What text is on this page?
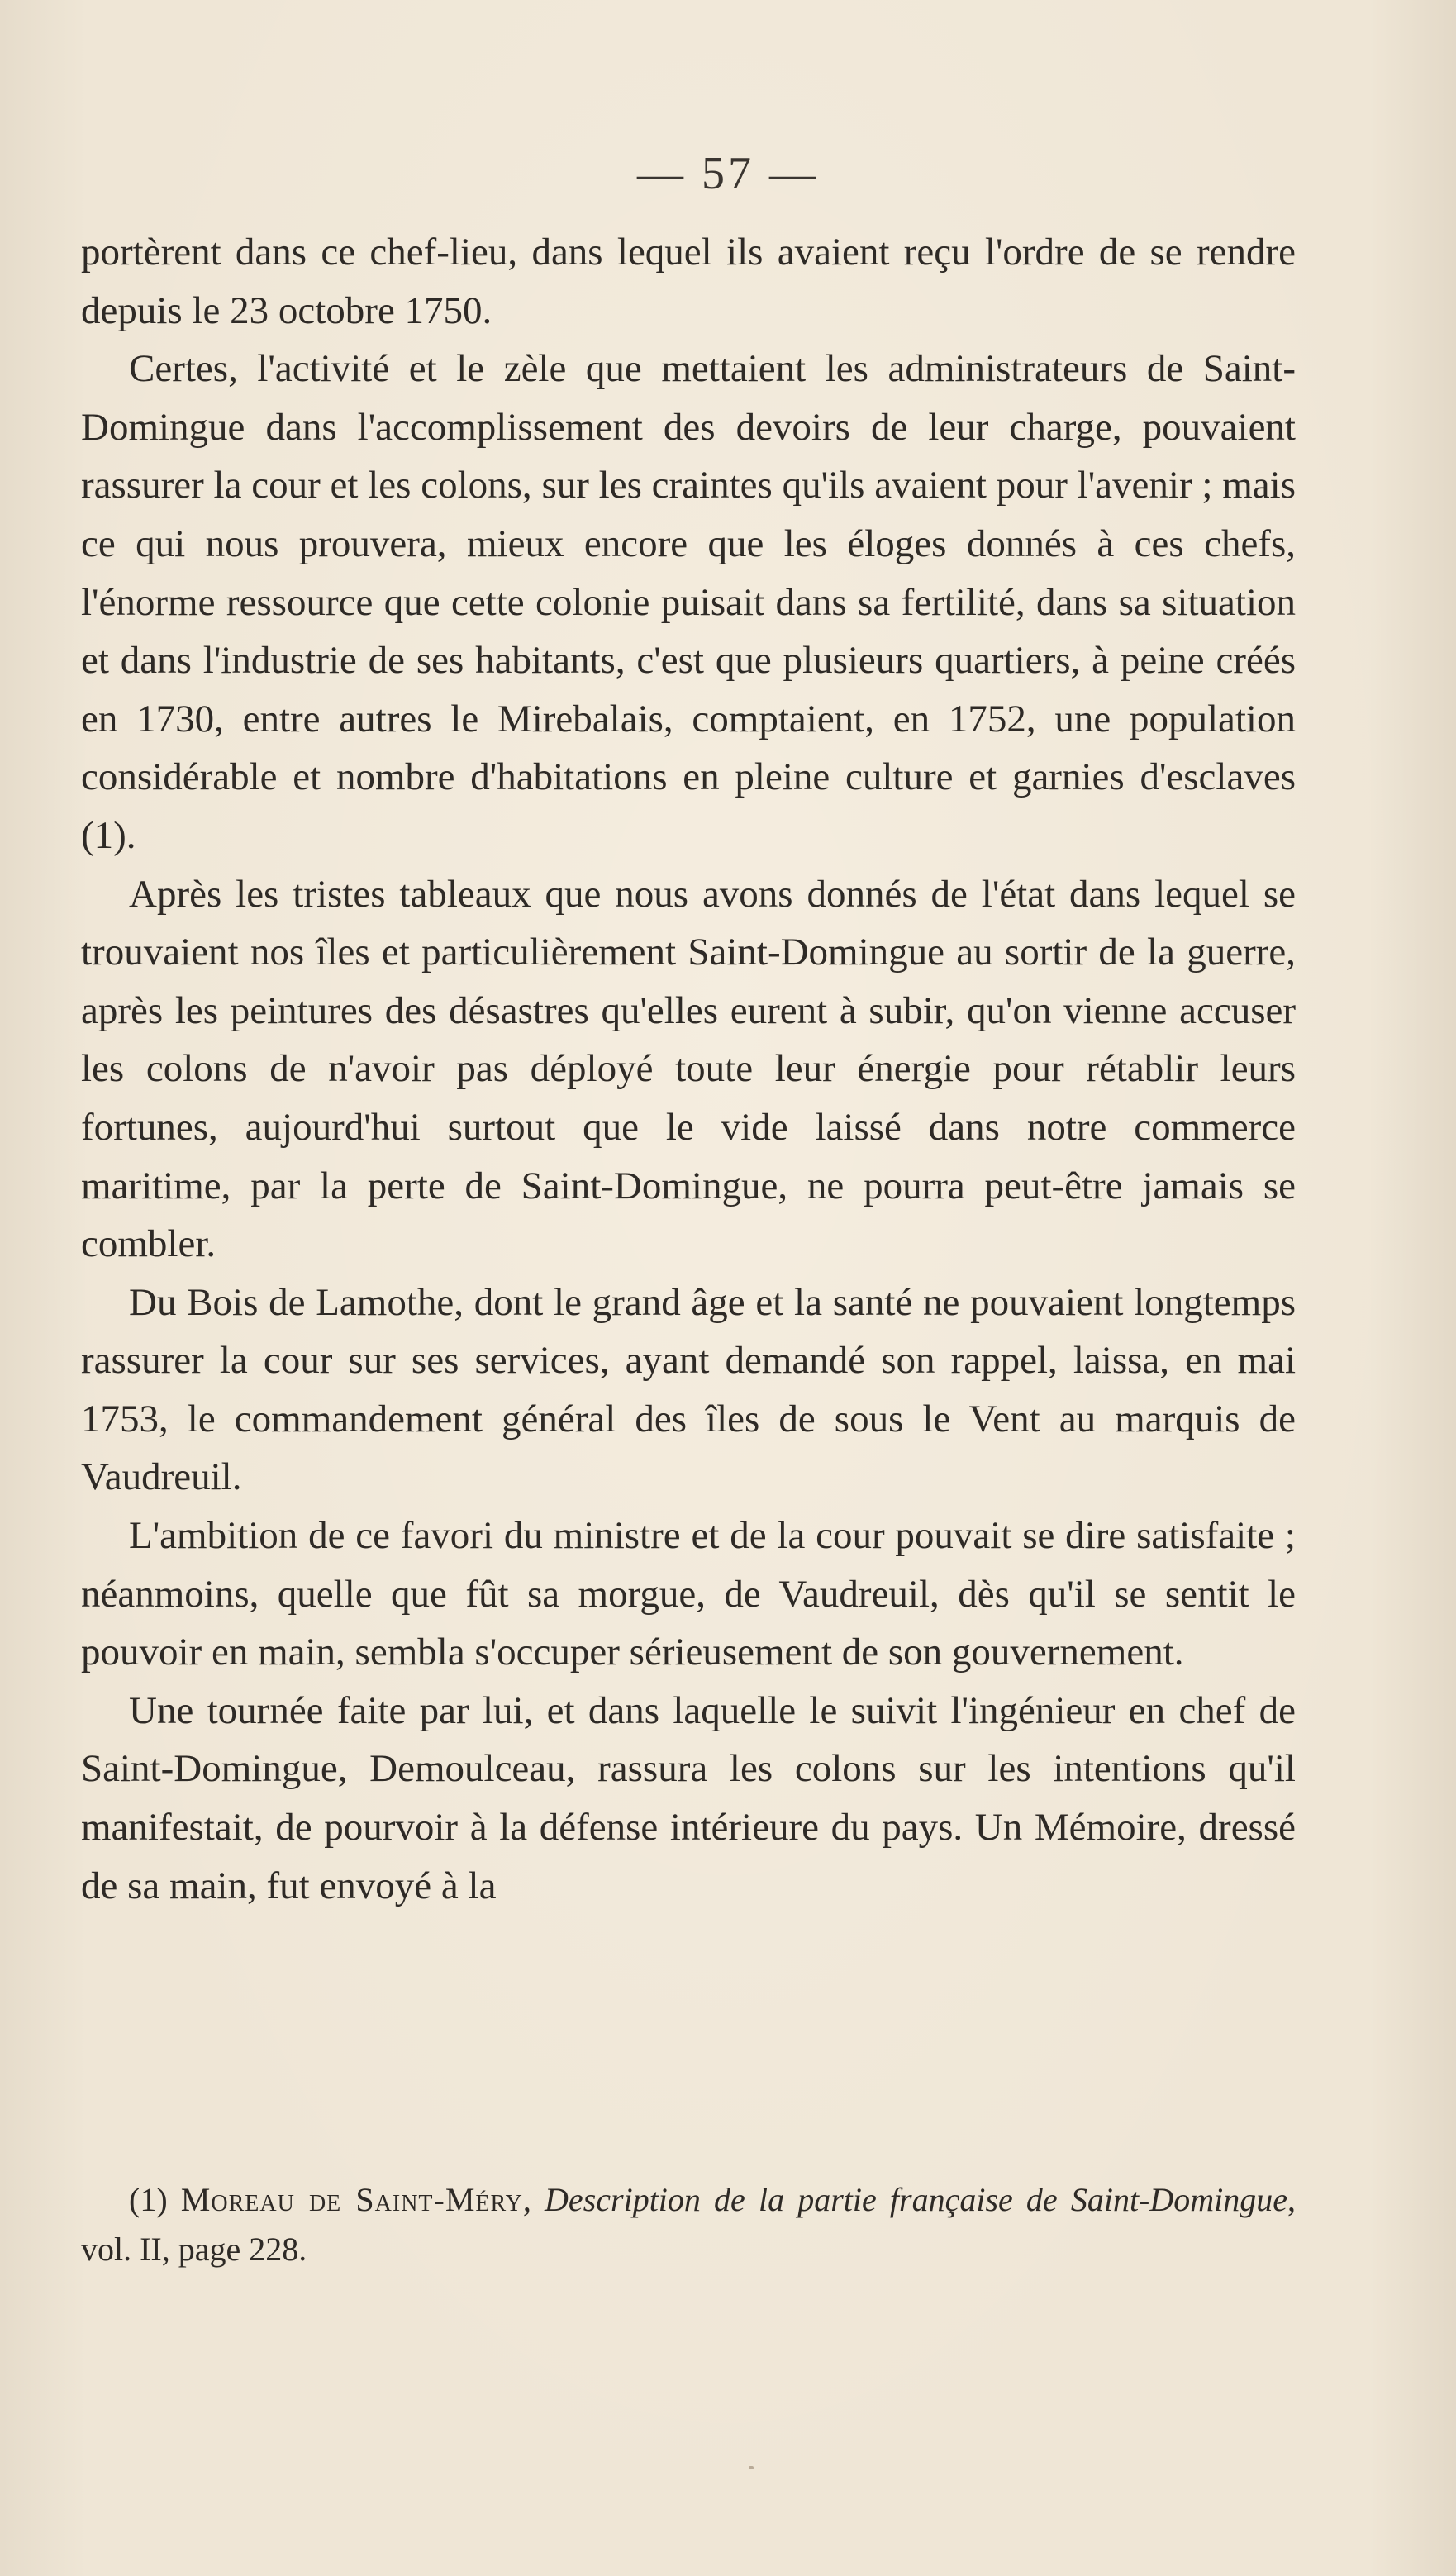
— 57 —

portèrent dans ce chef-lieu, dans lequel ils avaient reçu l'ordre de se rendre depuis le 23 octobre 1750.

Certes, l'activité et le zèle que mettaient les administrateurs de Saint-Domingue dans l'accomplissement des devoirs de leur charge, pouvaient rassurer la cour et les colons, sur les craintes qu'ils avaient pour l'avenir ; mais ce qui nous prouvera, mieux encore que les éloges donnés à ces chefs, l'énorme ressource que cette colonie puisait dans sa fertilité, dans sa situation et dans l'industrie de ses habitants, c'est que plusieurs quartiers, à peine créés en 1730, entre autres le Mirebalais, comptaient, en 1752, une population considérable et nombre d'habitations en pleine culture et garnies d'esclaves (1).

Après les tristes tableaux que nous avons donnés de l'état dans lequel se trouvaient nos îles et particulièrement Saint-Domingue au sortir de la guerre, après les peintures des désastres qu'elles eurent à subir, qu'on vienne accuser les colons de n'avoir pas déployé toute leur énergie pour rétablir leurs fortunes, aujourd'hui surtout que le vide laissé dans notre commerce maritime, par la perte de Saint-Domingue, ne pourra peut-être jamais se combler.

Du Bois de Lamothe, dont le grand âge et la santé ne pouvaient longtemps rassurer la cour sur ses services, ayant demandé son rappel, laissa, en mai 1753, le commandement général des îles de sous le Vent au marquis de Vaudreuil.

L'ambition de ce favori du ministre et de la cour pouvait se dire satisfaite ; néanmoins, quelle que fût sa morgue, de Vaudreuil, dès qu'il se sentit le pouvoir en main, sembla s'occuper sérieusement de son gouvernement.

Une tournée faite par lui, et dans laquelle le suivit l'ingénieur en chef de Saint-Domingue, Demoulceau, rassura les colons sur les intentions qu'il manifestait, de pourvoir à la défense intérieure du pays. Un Mémoire, dressé de sa main, fut envoyé à la

(1) Moreau de Saint-Méry, Description de la partie française de Saint-Domingue, vol. II, page 228.
